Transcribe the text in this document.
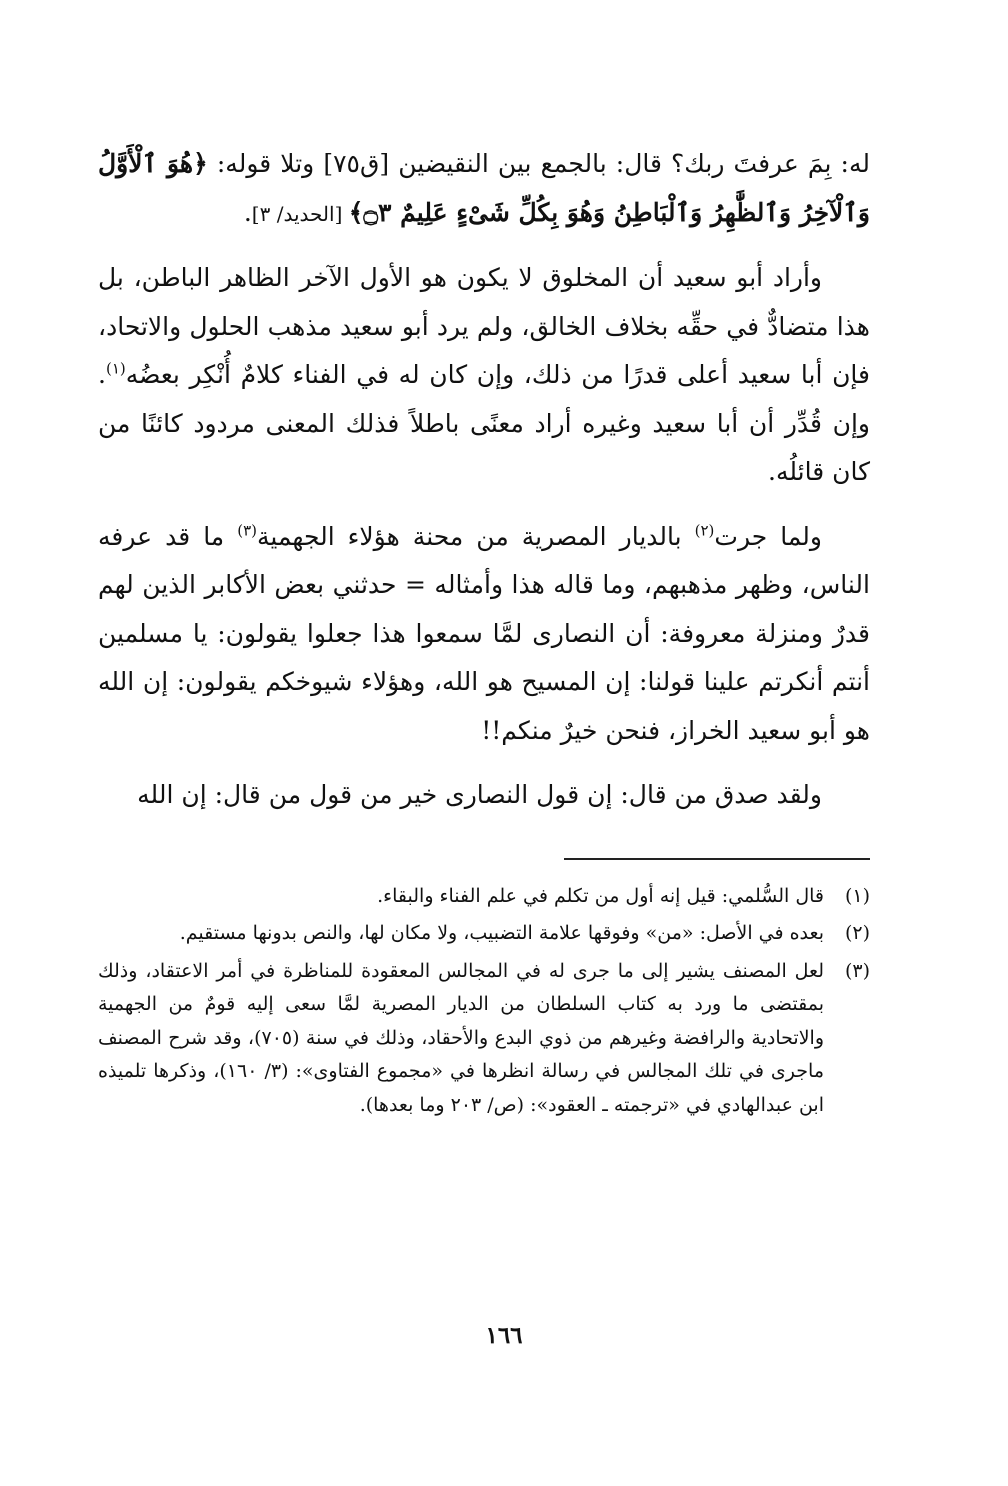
له: بِمَ عرفتَ ربك؟ قال: بالجمع بين النقيضين [ق٧٥] وتلا قوله: ﴿هُوَ ٱلْأَوَّلُ وَٱلْآخِرُ وَٱلظَّٰهِرُ وَٱلْبَاطِنُ وَهُوَ بِكُلِّ شَىْءٍ عَلِيمٌ ۝٣﴾ [الحديد/ ٣].

وأراد أبو سعيد أن المخلوق لا يكون هو الأول الآخر الظاهر الباطن، بل هذا متضادٌّ في حقِّه بخلاف الخالق، ولم يرد أبو سعيد مذهب الحلول والاتحاد، فإن أبا سعيد أعلى قدرًا من ذلك، وإن كان له في الفناء كلامٌ أُنْكِر بعضُه$^{(١)}$. وإن قُدِّر أن أبا سعيد وغيره أراد معنًى باطلاً فذلك المعنى مردود كائنًا من كان قائلُه.

ولما جرت$^{(٢)}$ بالديار المصرية من محنة هؤلاء الجهمية$^{(٣)}$ ما قد عرفه الناس، وظهر مذهبهم، وما قاله هذا وأمثاله = حدثني بعض الأكابر الذين لهم قدرٌ ومنزلة معروفة: أن النصارى لمَّا سمعوا هذا جعلوا يقولون: يا مسلمين أنتم أنكرتم علينا قولنا: إن المسيح هو الله، وهؤلاء شيوخكم يقولون: إن الله هو أبو سعيد الخراز، فنحن خيرٌ منكم!!

ولقد صدق من قال: إن قول النصارى خير من قول من قال: إن الله

(١)
قال السُّلمي: قيل إنه أول من تكلم في علم الفناء والبقاء.
(٢)
بعده في الأصل: «من» وفوقها علامة التضبيب، ولا مكان لها، والنص بدونها مستقيم.
(٣)
لعل المصنف يشير إلى ما جرى له في المجالس المعقودة للمناظرة في أمر الاعتقاد، وذلك بمقتضى ما ورد به كتاب السلطان من الديار المصرية لمَّا سعى إليه قومٌ من الجهمية والاتحادية والرافضة وغيرهم من ذوي البدع والأحقاد، وذلك في سنة (٧٠٥)، وقد شرح المصنف ماجرى في تلك المجالس في رسالة انظرها في «مجموع الفتاوى»: (٣/ ١٦٠)، وذكرها تلميذه ابن عبدالهادي في «ترجمته ـ العقود»: (ص/ ٢٠٣ وما بعدها).
١٦٦
